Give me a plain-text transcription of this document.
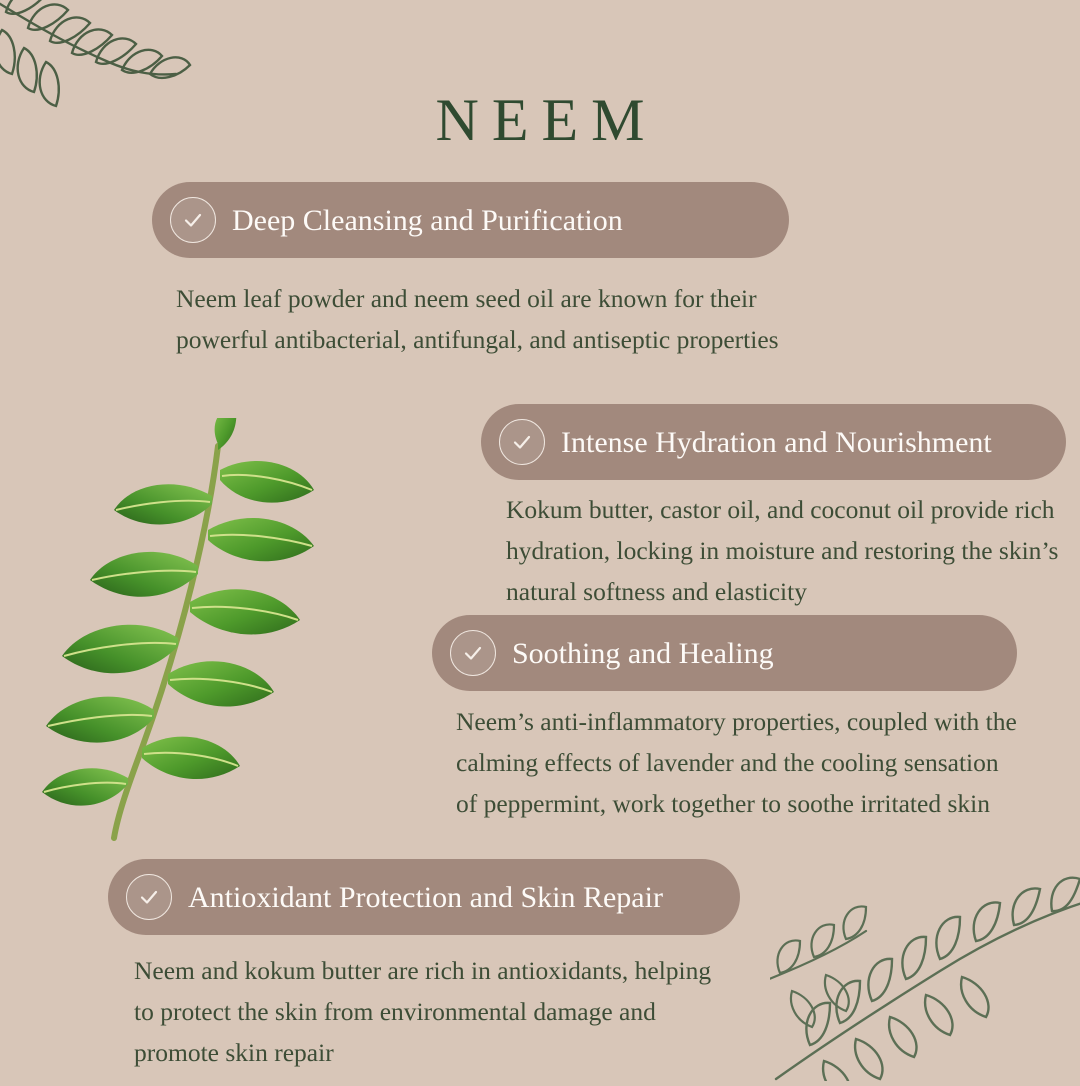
NEEM
Deep Cleansing and Purification
Neem leaf powder and neem seed oil are known for their powerful antibacterial, antifungal, and antiseptic properties
Intense Hydration and Nourishment
Kokum butter, castor oil, and coconut oil provide rich hydration, locking in moisture and restoring the skin’s natural softness and elasticity
Soothing and Healing
Neem’s anti-inflammatory properties, coupled with the calming effects of lavender and the cooling sensation of peppermint, work together to soothe irritated skin
Antioxidant Protection and Skin Repair
Neem and kokum butter are rich in antioxidants, helping to protect the skin from environmental damage and promote skin repair
